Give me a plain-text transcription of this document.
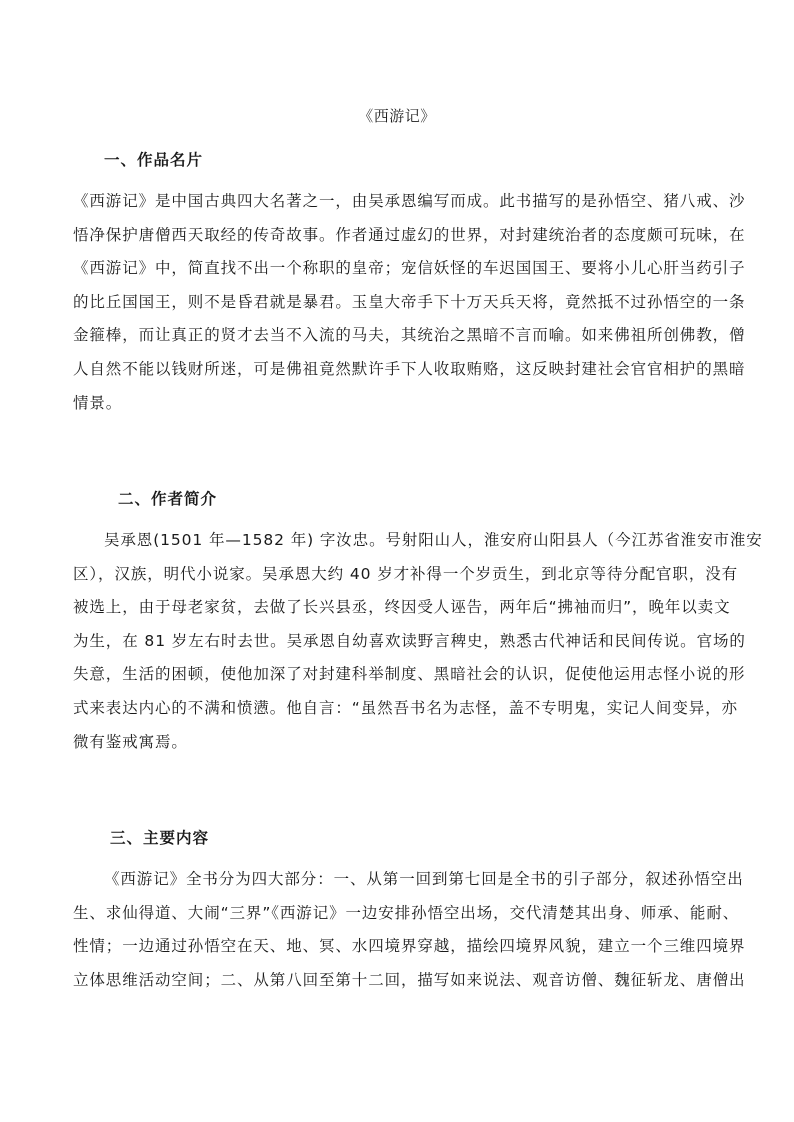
《西游记》
一、作品名片
《西游记》是中国古典四大名著之一，由吴承恩编写而成。此书描写的是孙悟空、猪八戒、沙
悟净保护唐僧西天取经的传奇故事。作者通过虚幻的世界，对封建统治者的态度颇可玩味，在
《西游记》中，简直找不出一个称职的皇帝；宠信妖怪的车迟国国王、要将小儿心肝当药引子
的比丘国国王，则不是昏君就是暴君。玉皇大帝手下十万天兵天将，竟然抵不过孙悟空的一条
金箍棒，而让真正的贤才去当不入流的马夫，其统治之黑暗不言而喻。如来佛祖所创佛教，僧
人自然不能以钱财所迷，可是佛祖竟然默许手下人收取贿赂，这反映封建社会官官相护的黑暗
情景。
二、作者简介
吴承恩(1501 年—1582 年) 字汝忠。号射阳山人，淮安府山阳县人（今江苏省淮安市淮安
区），汉族，明代小说家。吴承恩大约 40 岁才补得一个岁贡生，到北京等待分配官职，没有
被选上，由于母老家贫，去做了长兴县丞，终因受人诬告，两年后“拂袖而归”，晚年以卖文
为生，在 81 岁左右时去世。吴承恩自幼喜欢读野言稗史，熟悉古代神话和民间传说。官场的
失意，生活的困顿，使他加深了对封建科举制度、黑暗社会的认识，促使他运用志怪小说的形
式来表达内心的不满和愤懑。他自言：“虽然吾书名为志怪，盖不专明鬼，实记人间变异，亦
微有鉴戒寓焉。
三、主要内容
《西游记》全书分为四大部分：一、从第一回到第七回是全书的引子部分，叙述孙悟空出
生、求仙得道、大闹“三界”《西游记》一边安排孙悟空出场，交代清楚其出身、师承、能耐、
性情；一边通过孙悟空在天、地、冥、水四境界穿越，描绘四境界风貌，建立一个三维四境界
立体思维活动空间；二、从第八回至第十二回，描写如来说法、观音访僧、魏征斩龙、唐僧出
